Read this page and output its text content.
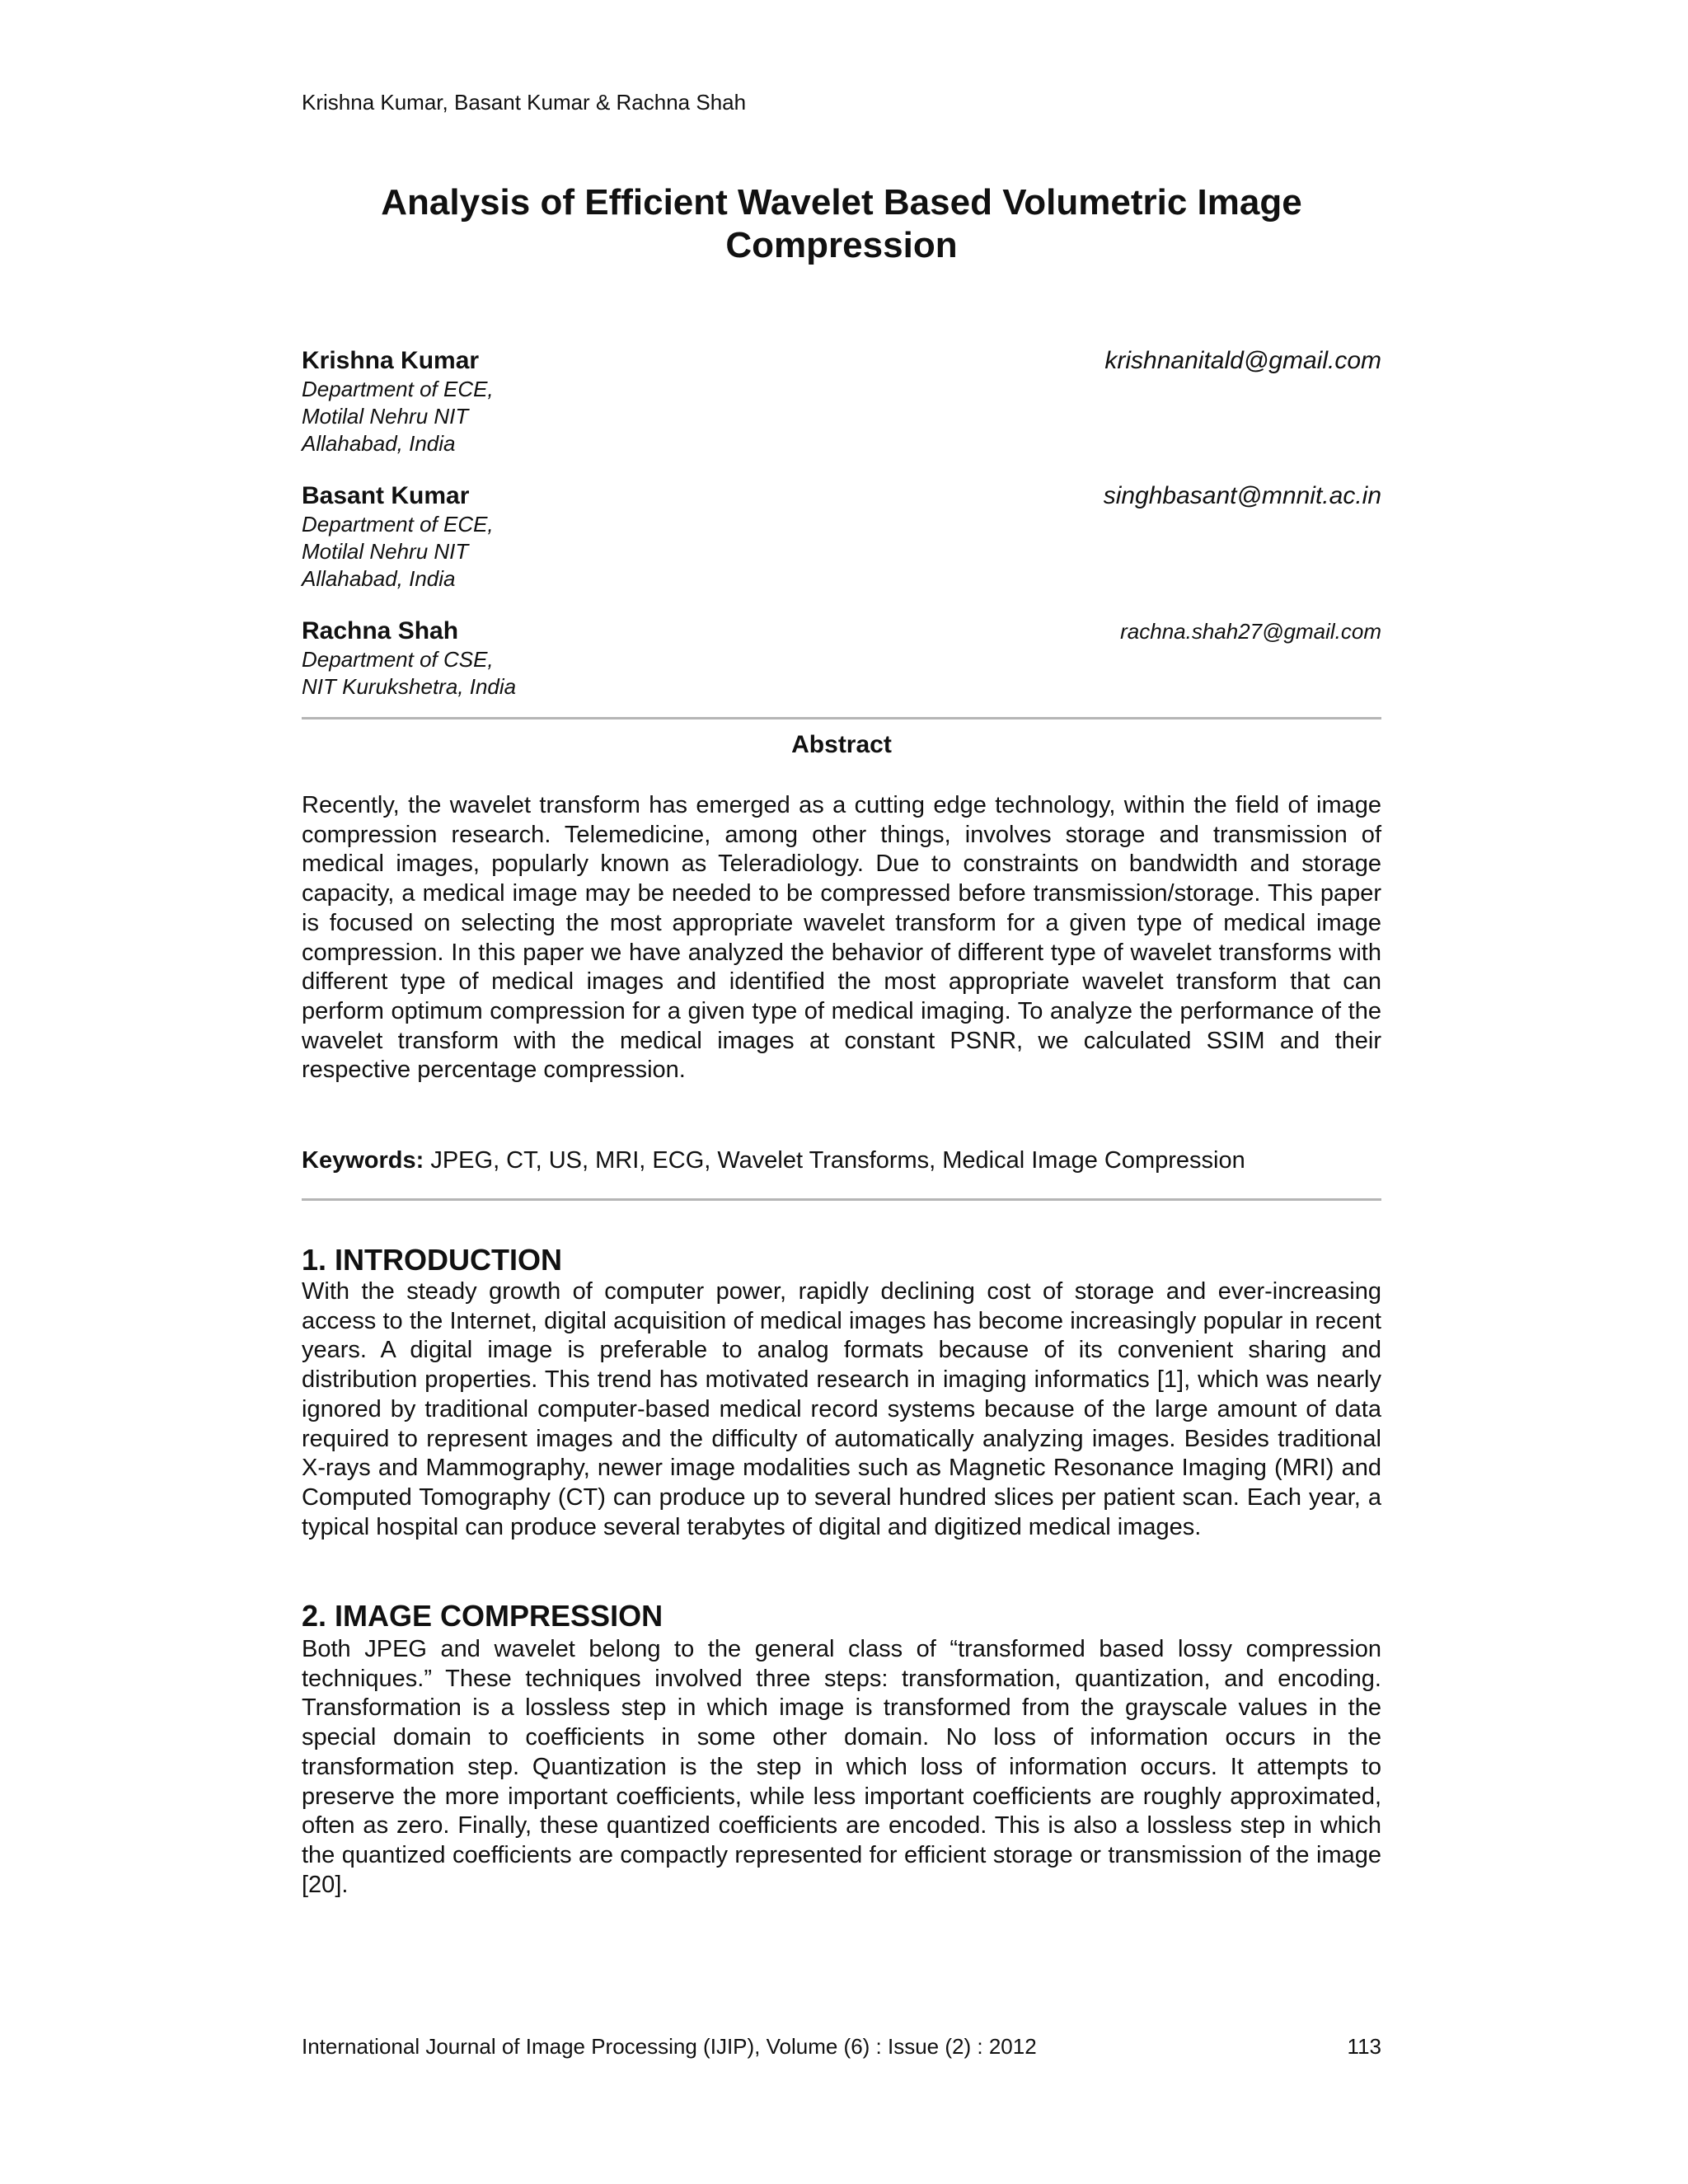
Krishna Kumar, Basant Kumar & Rachna Shah
Analysis of Efficient Wavelet Based Volumetric Image
Compression
Krishna Kumar
Department of ECE,
Motilal Nehru NIT
Allahabad, India
krishnanitald@gmail.com
Basant Kumar
Department of ECE,
Motilal Nehru NIT
Allahabad, India
singhbasant@mnnit.ac.in
Rachna Shah
Department of CSE,
NIT Kurukshetra, India
rachna.shah27@gmail.com
Abstract

Recently, the wavelet transform has emerged as a cutting edge technology, within the field of image compression research. Telemedicine, among other things, involves storage and transmission of medical images, popularly known as Teleradiology. Due to constraints on bandwidth and storage capacity, a medical image may be needed to be compressed before transmission/storage. This paper is focused on selecting the most appropriate wavelet transform for a given type of medical image compression. In this paper we have analyzed the behavior of different type of wavelet transforms with different type of medical images and identified the most appropriate wavelet transform that can perform optimum compression for a given type of medical imaging. To analyze the performance of the wavelet transform with the medical images at constant PSNR, we calculated SSIM and their respective percentage compression.

Keywords: JPEG, CT, US, MRI, ECG, Wavelet Transforms, Medical Image Compression
1. INTRODUCTION

With the steady growth of computer power, rapidly declining cost of storage and ever-increasing access to the Internet, digital acquisition of medical images has become increasingly popular in recent years. A digital image is preferable to analog formats because of its convenient sharing and distribution properties. This trend has motivated research in imaging informatics [1], which was nearly ignored by traditional computer-based medical record systems because of the large amount of data required to represent images and the difficulty of automatically analyzing images. Besides traditional X-rays and Mammography, newer image modalities such as Magnetic Resonance Imaging (MRI) and Computed Tomography (CT) can produce up to several hundred slices per patient scan. Each year, a typical hospital can produce several terabytes of digital and digitized medical images.

2. IMAGE COMPRESSION

Both JPEG and wavelet belong to the general class of “transformed based lossy compression techniques.” These techniques involved three steps: transformation, quantization, and encoding. Transformation is a lossless step in which image is transformed from the grayscale values in the special domain to coefficients in some other domain. No loss of information occurs in the transformation step. Quantization is the step in which loss of information occurs. It attempts to preserve the more important coefficients, while less important coefficients are roughly approximated, often as zero. Finally, these quantized coefficients are encoded. This is also a lossless step in which the quantized coefficients are compactly represented for efficient storage or transmission of the image [20].

International Journal of Image Processing (IJIP), Volume (6) : Issue (2) : 2012	113
